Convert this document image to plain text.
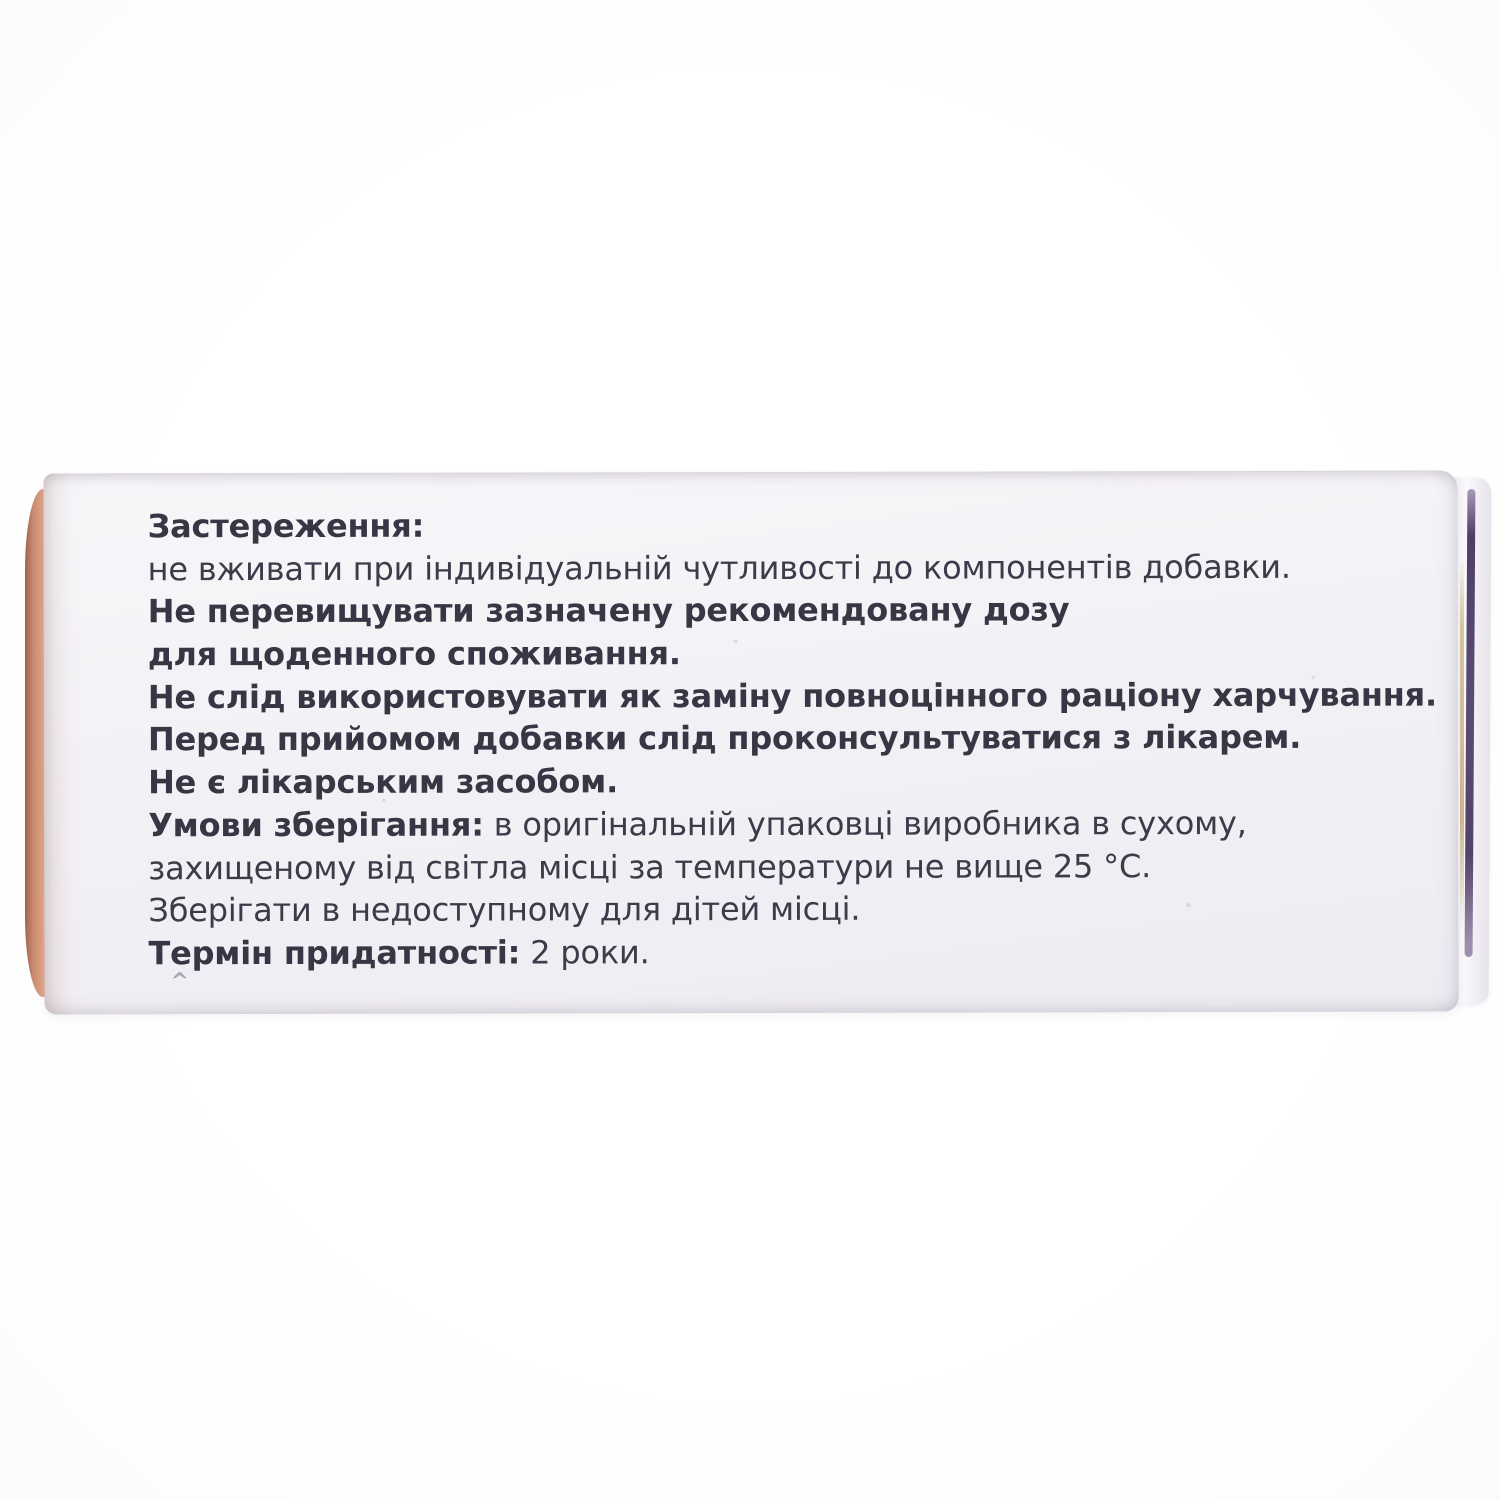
Застереження:
не вживати при індивідуальній чутливості до компонентів добавки.
Не перевищувати зазначену рекомендовану дозу
для щоденного споживання.
Не слід використовувати як заміну повноцінного раціону харчування.
Перед прийомом добавки слід проконсультуватися з лікарем.
Не є лікарським засобом.
Умови зберігання: в оригінальній упаковці виробника в сухому,
захищеному від світла місці за температури не вище 25 °С.
Зберігати в недоступному для дітей місці.
Термін придатності: 2 роки.
^
